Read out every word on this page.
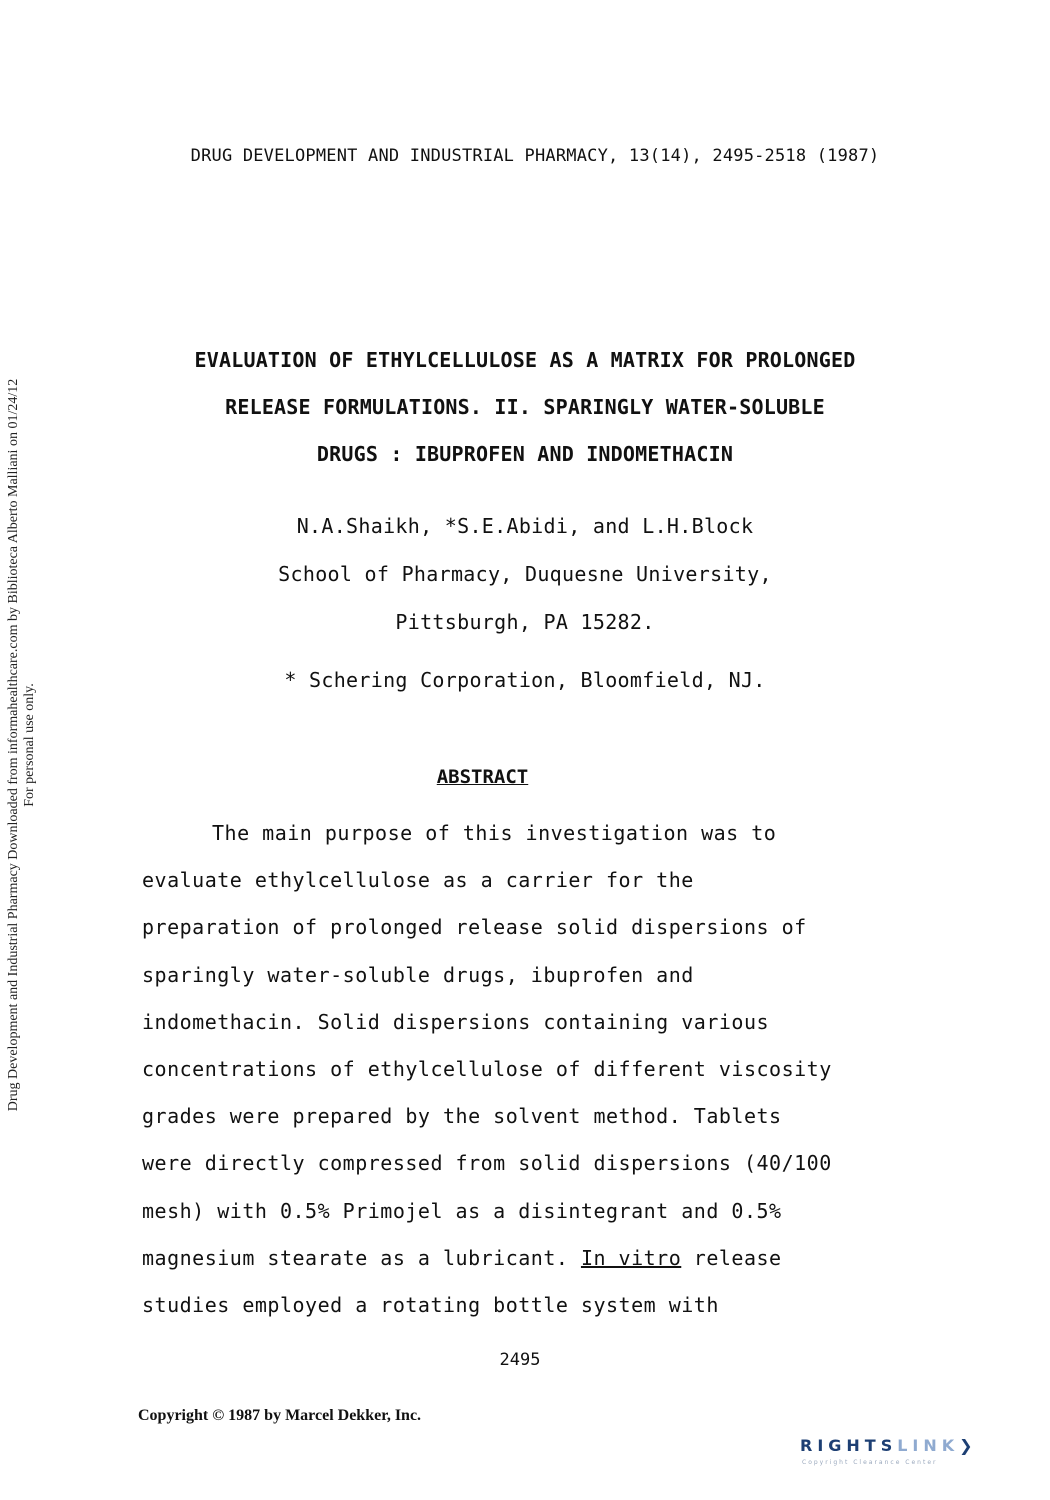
DRUG DEVELOPMENT AND INDUSTRIAL PHARMACY, 13(14), 2495-2518 (1987)
Drug Development and Industrial Pharmacy Downloaded from informahealthcare.com by Biblioteca Alberto Malliani on 01/24/12 For personal use only.
EVALUATION OF ETHYLCELLULOSE AS A MATRIX FOR PROLONGED
RELEASE FORMULATIONS. II. SPARINGLY WATER-SOLUBLE
DRUGS : IBUPROFEN AND INDOMETHACIN
N.A.Shaikh, *S.E.Abidi, and L.H.Block
School of Pharmacy, Duquesne University,
Pittsburgh, PA 15282.
* Schering Corporation, Bloomfield, NJ.
ABSTRACT
The main purpose of this investigation was to
evaluate ethylcellulose as a carrier for the
preparation of prolonged release solid dispersions of
sparingly water-soluble drugs, ibuprofen and
indomethacin. Solid dispersions containing various
concentrations of ethylcellulose of different viscosity
grades were prepared by the solvent method. Tablets
were directly compressed from solid dispersions (40/100
mesh) with 0.5% Primojel as a disintegrant and 0.5%
magnesium stearate as a lubricant. In vitro release
studies employed a rotating bottle system with
2495
Copyright © 1987 by Marcel Dekker, Inc.
RIGHTSLINK❯
Copyright Clearance Center
